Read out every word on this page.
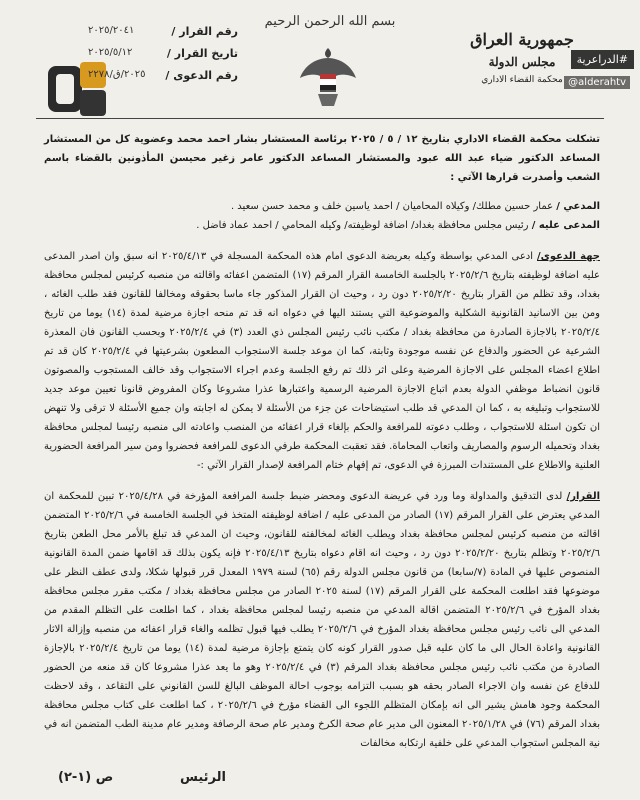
رقم القرار /
٢٠٢٥/٢٠٤١
تاريخ القرار /
٢٠٢٥/٥/١٢
رقم الدعوى /
٢٠٢٥/ق/٢٢٧٨
بسم الله الرحمن الرحيم
جمهورية العراق
مجلس الدولة
محكمة القضاء الاداري
#الدراعرية
@alderahtv
تشكلت محكمة القضاء الاداري بتاريخ ١٢ / ٥ / ٢٠٢٥ برئاسة المستشار بشار احمد محمد وعضوية كل من المستشار المساعد الدكتور ضياء عبد الله عبود والمستشار المساعد الدكتور عامر زغير محيسن المأذونين بالقضاء باسم الشعب وأصدرت قرارها الآتي :
المدعي / عمار حسين مطلك/ وكيلاه المحاميان / احمد ياسين خلف و محمد حسن سعيد .
المدعى عليه / رئيس مجلس محافظة بغداد/ اضافة لوظيفته/ وكيله المحامي / احمد عماد فاضل .
جهة الدعوى/ ادعى المدعي بواسطة وكيله بعريضة الدعوى امام هذه المحكمة المسجلة في ٢٠٢٥/٤/١٣ انه سبق وان اصدر المدعى عليه اضافة لوظيفته بتاريخ ٢٠٢٥/٢/٦ بالجلسة الخامسة القرار المرقم (١٧) المتضمن اعفائه واقالته من منصبه كرئيس لمجلس محافظة بغداد، وقد تظلم من القرار بتاريخ ٢٠٢٥/٢/٢٠ دون رد ، وحيث ان القرار المذكور جاء ماسا بحقوقه ومخالفا للقانون فقد طلب الغائه ، ومن بين الاسانيد القانونية الشكلية والموضوعية التي يستند اليها في دعواه انه قد تم منحه اجازة مرضية لمدة (١٤) يوما من تاريخ ٢٠٢٥/٢/٤ بالاجازة الصادرة من محافظة بغداد / مكتب نائب رئيس المجلس ذي العدد (٣) في ٢٠٢٥/٢/٤ وبحسب القانون فان المعذرة الشرعية عن الحضور والدفاع عن نفسه موجودة وثابتة، كما ان موعد جلسة الاستجواب المطعون بشرعيتها في ٢٠٢٥/٢/٤ كان قد تم اطلاع اعضاء المجلس على الاجازة المرضية وعلى اثر ذلك تم رفع الجلسة وعدم اجراء الاستجواب وقد خالف المستجوب والمصوتون قانون انضباط موظفي الدولة بعدم اتباع الاجازة المرضية الرسمية واعتبارها عذرا مشروعا وكان المفروض قانونا تعيين موعد جديد للاستجواب وتبليغه به ، كما ان المدعي قد طلب استيضاحات عن جزء من الأسئلة لا يمكن له اجابته وان جميع الأسئلة لا ترقى ولا تنهض ان تكون اسئلة للاستجواب ، وطلب دعوته للمرافعة والحكم بإلغاء قرار اعفائه من المنصب واعادته الى منصبه رئيسا لمجلس محافظة بغداد وتحميله الرسوم والمصاريف واتعاب المحاماة. فقد تعقبت المحكمة طرفي الدعوى للمرافعة فحضروا ومن سير المرافعة الحضورية العلنية والاطلاع على المستندات المبرزة في الدعوى، تم إفهام ختام المرافعة لإصدار القرار الآتي :-
القرار/ لدى التدقيق والمداولة وما ورد في عريضة الدعوى ومحضر ضبط جلسة المرافعة المؤرخة في ٢٠٢٥/٤/٢٨ تبين للمحكمة ان المدعي يعترض على القرار المرقم (١٧) الصادر من المدعى عليه / اضافة لوظيفته المتخذ في الجلسة الخامسة في ٢٠٢٥/٢/٦ المتضمن اقالته من منصبه كرئيس لمجلس محافظة بغداد ويطلب الغائه لمخالفته للقانون، وحيث ان المدعي قد تبلغ بالأمر محل الطعن بتاريخ ٢٠٢٥/٢/٦ وتظلم بتاريخ ٢٠٢٥/٢/٢٠ دون رد ، وحيث انه اقام دعواه بتاريخ ٢٠٢٥/٤/١٣ فإنه يكون بذلك قد اقامها ضمن المدة القانونية المنصوص عليها في المادة (٧/سابعا) من قانون مجلس الدولة رقم (٦٥) لسنة ١٩٧٩ المعدل قرر قبولها شكلا، ولدى عطف النظر على موضوعها فقد اطلعت المحكمة على القرار المرقم (١٧) لسنة ٢٠٢٥ الصادر من مجلس محافظة بغداد / مكتب مقرر مجلس محافظة بغداد المؤرخ في ٢٠٢٥/٢/٦ المتضمن اقالة المدعي من منصبه رئيسا لمجلس محافظة بغداد ، كما اطلعت على التظلم المقدم من المدعي الى نائب رئيس مجلس محافظة بغداد المؤرخ في ٢٠٢٥/٢/٦ يطلب فيها قبول تظلمه والغاء قرار اعفائه من منصبه وإزالة الاثار القانونية واعادة الحال الى ما كان عليه قبل صدور القرار كونه كان يتمتع بإجازة مرضية لمدة (١٤) يوما من تاريخ ٢٠٢٥/٢/٤ بالإجازة الصادرة من مكتب نائب رئيس مجلس محافظة بغداد المرقم (٣) في ٢٠٢٥/٢/٤ وهو ما يعد عذرا مشروعا كان قد منعه من الحضور للدفاع عن نفسه وان الاجراء الصادر بحقه هو بسبب التزامه بوجوب احالة الموظف البالغ للسن القانوني على التقاعد ، وقد لاحظت المحكمة وجود هامش يشير الى انه بإمكان المتظلم اللجوء الى القضاء مؤرخ في ٢٠٢٥/٢/٦ ، كما اطلعت على كتاب مجلس محافظة بغداد المرقم (٧٦) في ٢٠٢٥/١/٢٨ المعنون الى مدير عام صحة الكرخ ومدير عام صحة الرصافة ومدير عام مدينة الطب المتضمن انه في نية المجلس استجواب المدعي على خلفية ارتكابه مخالفات
الرئيس
ص (١-٢)
